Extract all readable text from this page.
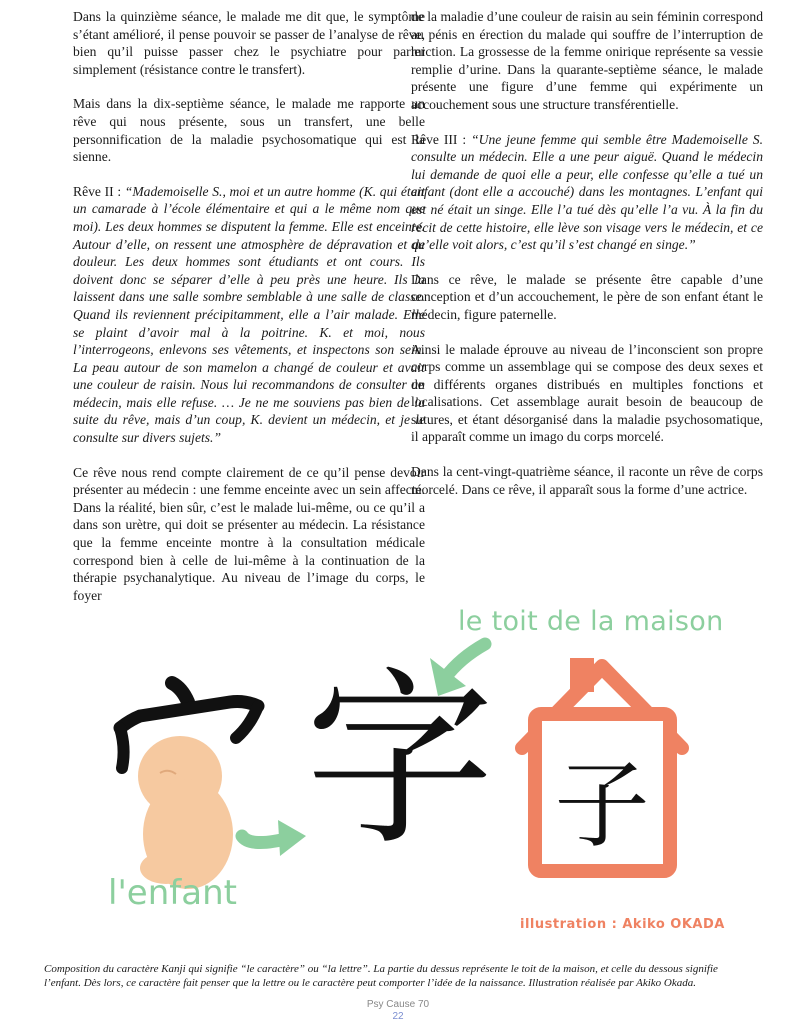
Dans la quinzième séance, le malade me dit que, le symptôme s’étant amélioré, il pense pouvoir se passer de l’analyse de rêve, bien qu’il puisse passer chez le psychiatre pour parler simplement (résistance contre le transfert).

Mais dans la dix-septième séance, le malade me rapporte un rêve qui nous présente, sous un transfert, une belle personnification de la maladie psychosomatique qui est la sienne.

Rêve II : “Mademoiselle S., moi et un autre homme (K. qui était un camarade à l’école élémentaire et qui a le même nom que moi). Les deux hommes se disputent la femme. Elle est enceinte. Autour d’elle, on ressent une atmosphère de dépravation et de douleur. Les deux hommes sont étudiants et ont cours. Ils doivent donc se séparer d’elle à peu près une heure. Ils la laissent dans une salle sombre semblable à une salle de classe. Quand ils reviennent précipitamment, elle a l’air malade. Elle se plaint d’avoir mal à la poitrine. K. et moi, nous l’interrogeons, enlevons ses vêtements, et inspectons son sein. La peau autour de son mamelon a changé de couleur et avait une couleur de raisin. Nous lui recommandons de consulter un médecin, mais elle refuse. … Je ne me souviens pas bien de la suite du rêve, mais d’un coup, K. devient un médecin, et je le consulte sur divers sujets.”

Ce rêve nous rend compte clairement de ce qu’il pense devoir présenter au médecin : une femme enceinte avec un sein affecté. Dans la réalité, bien sûr, c’est le malade lui-même, ou ce qu’il a dans son urètre, qui doit se présenter au médecin. La résistance que la femme enceinte montre à la consultation médicale correspond bien à celle de lui-même à la continuation de la thérapie psychanalytique. Au niveau de l’image du corps, le foyer

de la maladie d’une couleur de raisin au sein féminin correspond au pénis en érection du malade qui souffre de l’interruption de miction. La grossesse de la femme onirique représente sa vessie remplie d’urine. Dans la quarante-septième séance, le malade présente une figure d’une femme qui expérimente un accouchement sous une structure transférentielle.

Rêve III : “Une jeune femme qui semble être Mademoiselle S. consulte un médecin. Elle a une peur aiguë. Quand le médecin lui demande de quoi elle a peur, elle confesse qu’elle a tué un enfant (dont elle a accouché) dans les montagnes. L’enfant qui est né était un singe. Elle l’a tué dès qu’elle l’a vu. À la fin du récit de cette histoire, elle lève son visage vers le médecin, et ce qu’elle voit alors, c’est qu’il s’est changé en singe.”

Dans ce rêve, le malade se présente être capable d’une conception et d’un accouchement, le père de son enfant étant le médecin, figure paternelle.

Ainsi le malade éprouve au niveau de l’inconscient son propre corps comme un assemblage qui se compose des deux sexes et de différents organes distribués en multiples fonctions et localisations. Cet assemblage aurait besoin de beaucoup de sutures, et étant désorganisé dans la maladie psychosomatique, il apparaît comme un imago du corps morcelé.

Dans la cent-vingt-quatrième séance, il raconte un rêve de corps morcelé. Dans ce rêve, il apparaît sous la forme d’une actrice.

字 子
le toit de la maison
l'enfant
illustration : Akiko OKADA
Composition du caractère Kanji qui signifie “le caractère” ou “la lettre”. La partie du dessus représente le toit de la maison, et celle du dessous signifie l’enfant. Dès lors, ce caractère fait penser que la lettre ou le caractère peut comporter l’idée de la naissance. Illustration réalisée par Akiko Okada.
Psy Cause 70
22
